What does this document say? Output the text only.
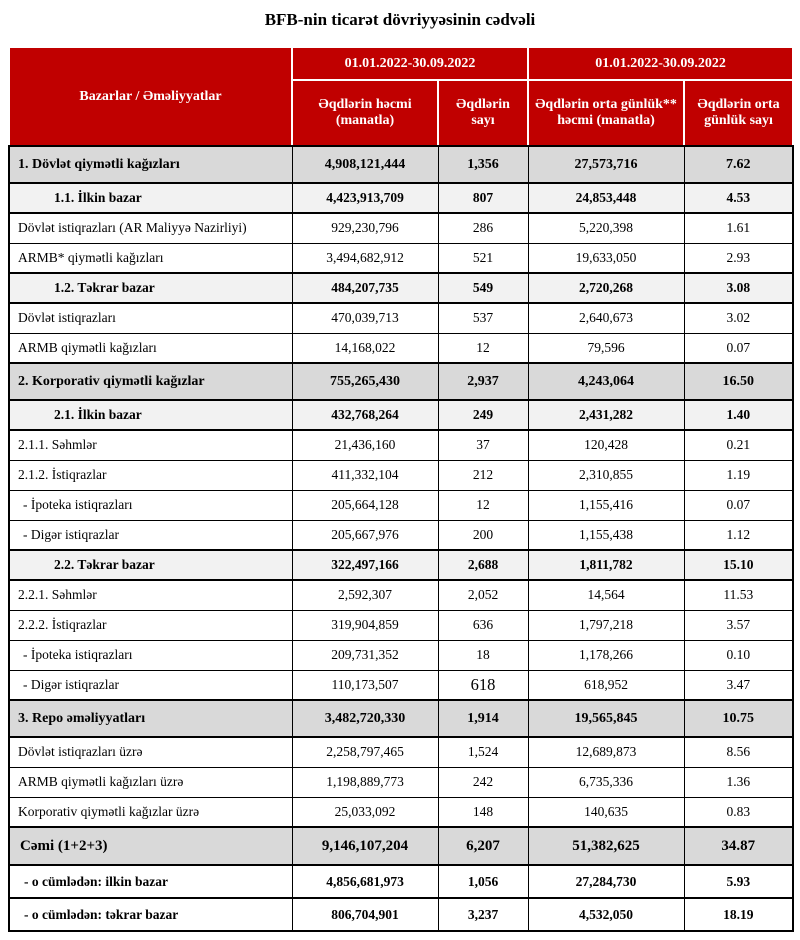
BFB-nin ticarət dövriyyəsinin cədvəli
Bazarlar / Əməliyyatlar	01.01.2022-30.09.2022		01.01.2022-30.09.2022	
	Əqdlərin həcmi (manatla)	Əqdlərin sayı	Əqdlərin orta günlük** həcmi (manatla)	Əqdlərin orta günlük sayı
1. Dövlət qiymətli kağızları	4,908,121,444	1,356	27,573,716	7.62
1.1. İlkin bazar	4,423,913,709	807	24,853,448	4.53
Dövlət istiqrazları (AR Maliyyə Nazirliyi)	929,230,796	286	5,220,398	1.61
ARMB* qiymətli kağızları	3,494,682,912	521	19,633,050	2.93
1.2. Təkrar bazar	484,207,735	549	2,720,268	3.08
Dövlət istiqrazları	470,039,713	537	2,640,673	3.02
ARMB qiymətli kağızları	14,168,022	12	79,596	0.07
2. Korporativ qiymətli kağızlar	755,265,430	2,937	4,243,064	16.50
2.1. İlkin bazar	432,768,264	249	2,431,282	1.40
2.1.1. Səhmlər	21,436,160	37	120,428	0.21
2.1.2. İstiqrazlar	411,332,104	212	2,310,855	1.19
- İpoteka istiqrazları	205,664,128	12	1,155,416	0.07
- Digər istiqrazlar	205,667,976	200	1,155,438	1.12
2.2. Təkrar bazar	322,497,166	2,688	1,811,782	15.10
2.2.1. Səhmlər	2,592,307	2,052	14,564	11.53
2.2.2. İstiqrazlar	319,904,859	636	1,797,218	3.57
- İpoteka istiqrazları	209,731,352	18	1,178,266	0.10
- Digər istiqrazlar	110,173,507	618	618,952	3.47
3. Repo əməliyyatları	3,482,720,330	1,914	19,565,845	10.75
Dövlət istiqrazları üzrə	2,258,797,465	1,524	12,689,873	8.56
ARMB qiymətli kağızları üzrə	1,198,889,773	242	6,735,336	1.36
Korporativ qiymətli kağızlar üzrə	25,033,092	148	140,635	0.83
Cəmi (1+2+3)	9,146,107,204	6,207	51,382,625	34.87
- o cümlədən: ilkin bazar	4,856,681,973	1,056	27,284,730	5.93
- o cümlədən: təkrar bazar	806,704,901	3,237	4,532,050	18.19
